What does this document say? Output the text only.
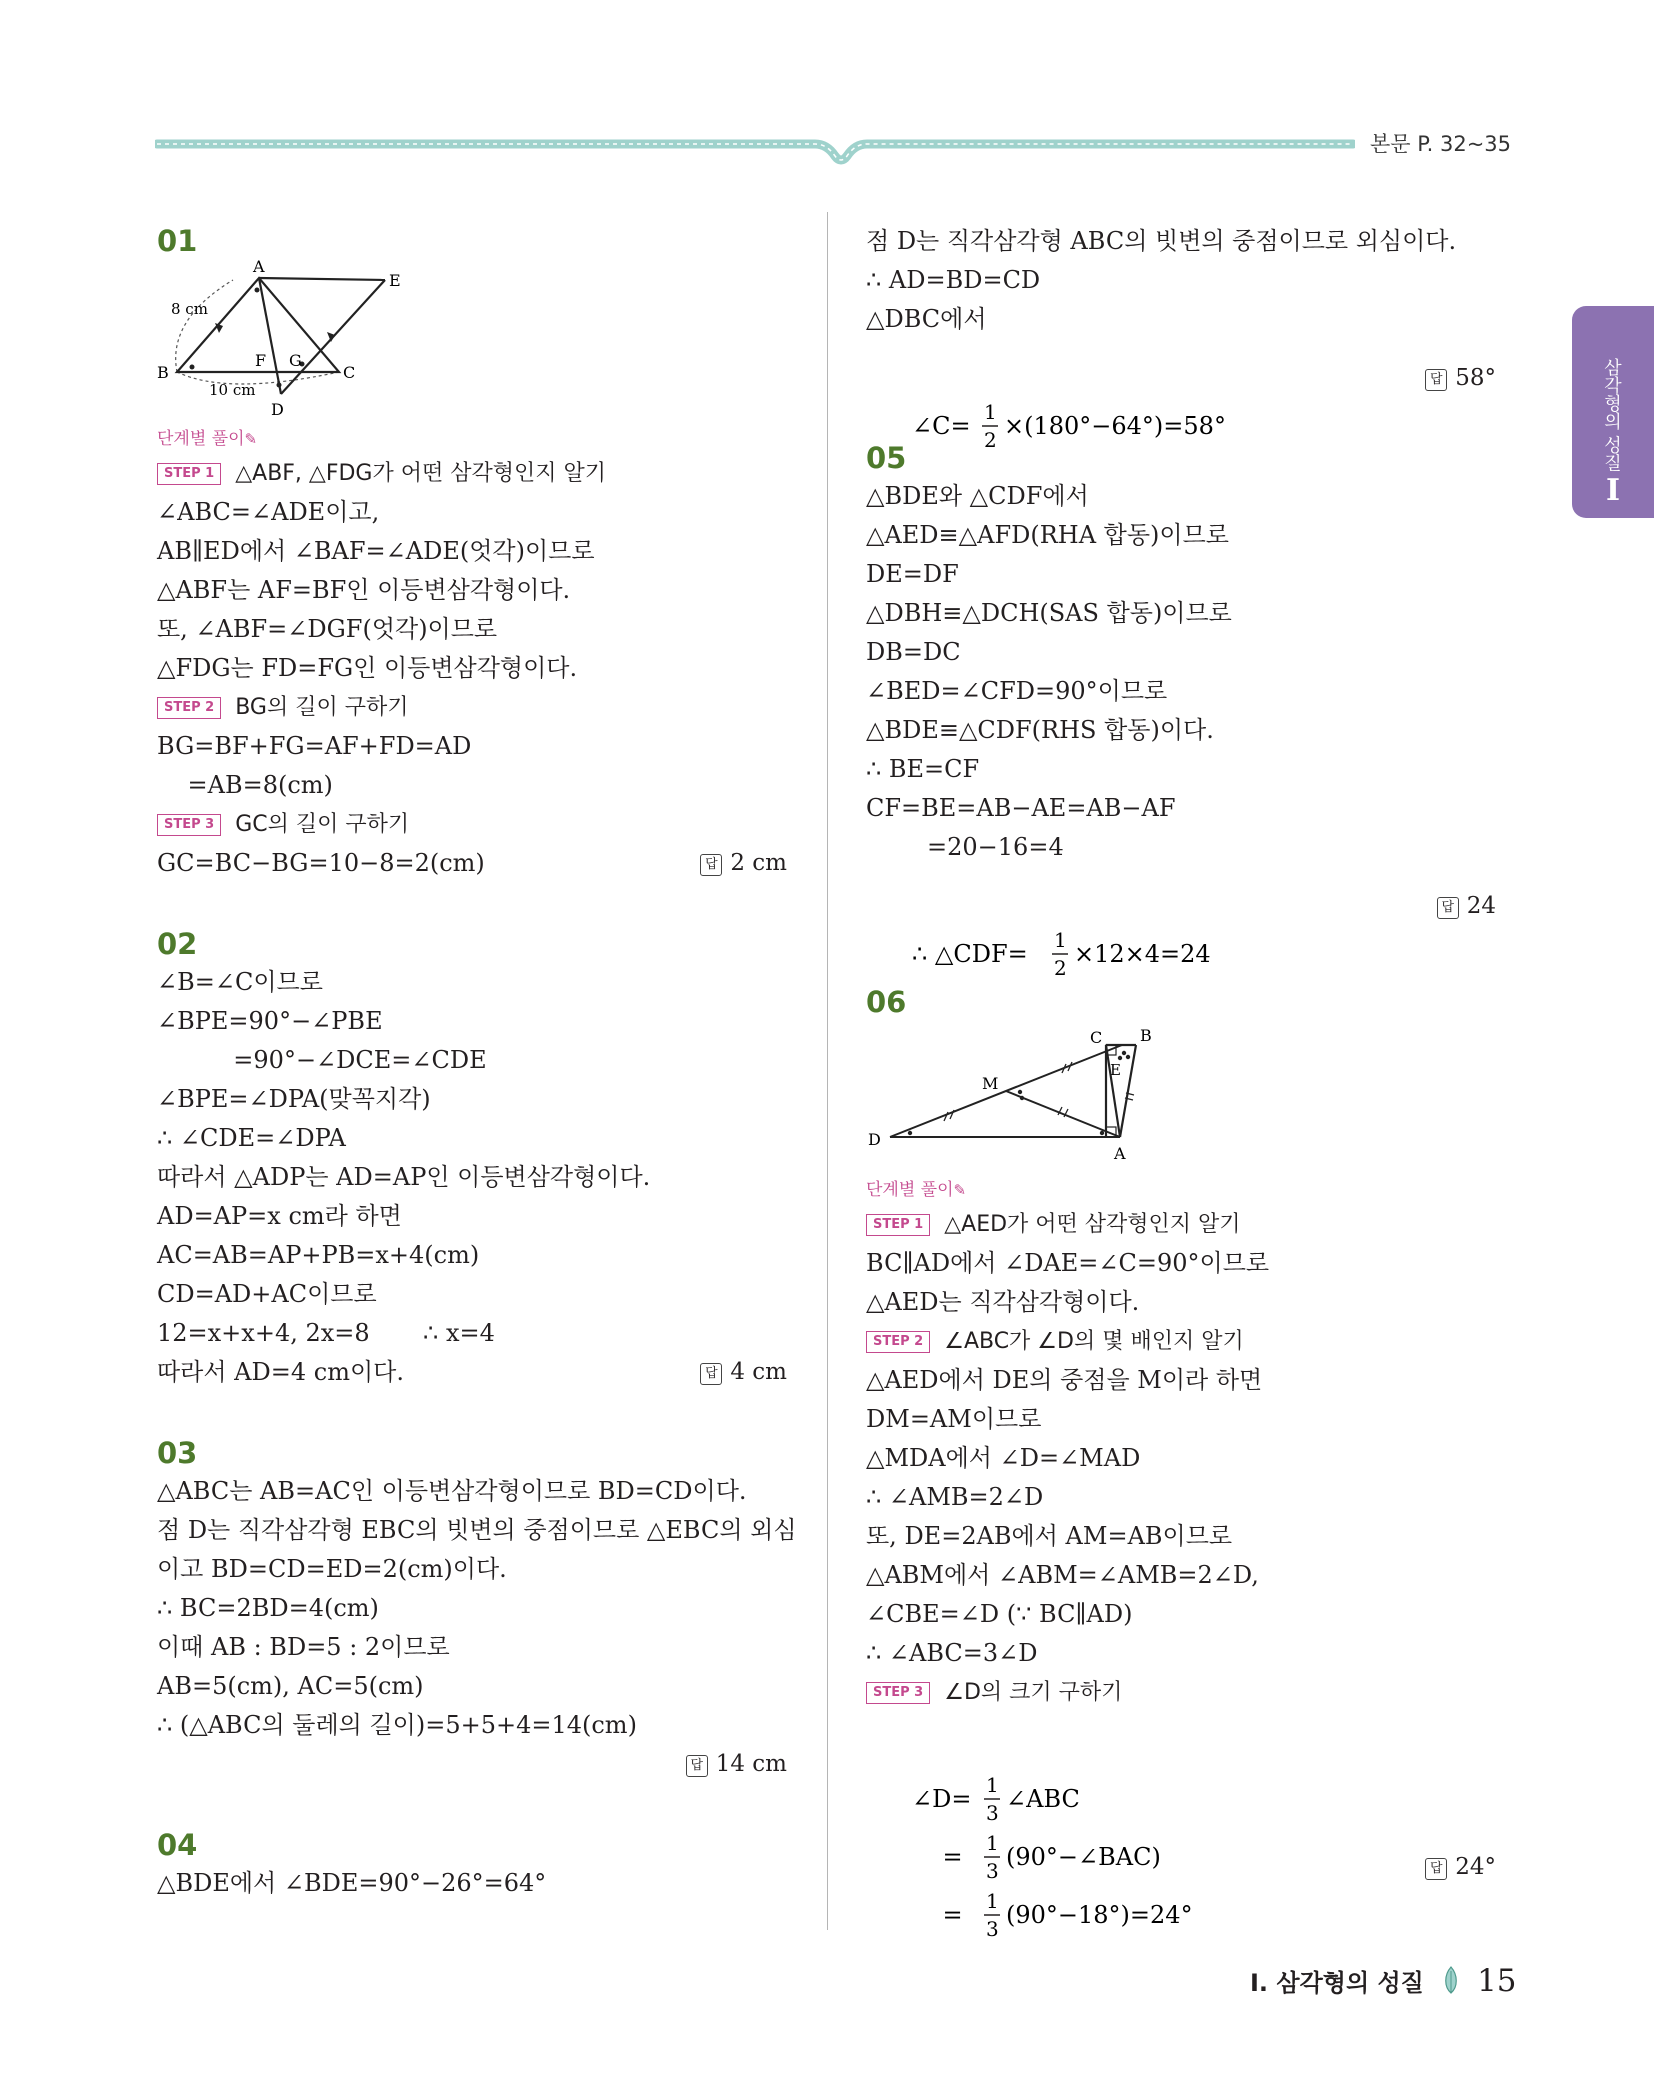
본문 P. 32~35
삼각형의 성질
I
01
A
E
B	C
D
F G
8 cm
10 cm
단계별 풀이✎
STEP 1 △ABF, △FDG가 어떤 삼각형인지 알기
∠ABC=∠ADE이고,
AB∥ED에서 ∠BAF=∠ADE(엇각)이므로
△ABF는 AF=BF인 이등변삼각형이다.
또, ∠ABF=∠DGF(엇각)이므로
△FDG는 FD=FG인 이등변삼각형이다.
STEP 2 BG의 길이 구하기
BG=BF+FG=AF+FD=AD
=AB=8(cm)
STEP 3 GC의 길이 구하기
GC=BC−BG=10−8=2(cm)	답 2 cm
02
∠B=∠C이므로
∠BPE=90°−∠PBE
=90°−∠DCE=∠CDE
∠BPE=∠DPA(맞꼭지각)
∴ ∠CDE=∠DPA
따라서 △ADP는 AD=AP인 이등변삼각형이다.
AD=AP=x cm라 하면
AC=AB=AP+PB=x+4(cm)
CD=AD+AC이므로
12=x+x+4, 2x=8       ∴ x=4
따라서 AD=4 cm이다.	답 4 cm
03
△ABC는 AB=AC인 이등변삼각형이므로 BD=CD이다.
점 D는 직각삼각형 EBC의 빗변의 중점이므로 △EBC의 외심
이고 BD=CD=ED=2(cm)이다.
∴ BC=2BD=4(cm)
이때 AB : BD=5 : 2이므로
AB=5(cm), AC=5(cm)
∴ (△ABC의 둘레의 길이)=5+5+4=14(cm)
답 14 cm
04
△BDE에서 ∠BDE=90°−26°=64°
점 D는 직각삼각형 ABC의 빗변의 중점이므로 외심이다.
∴ AD=BD=CD
△DBC에서

∠C= 1
2 ×(180°−64°)=58°

답 58°

05
△BDE와 △CDF에서
△AED≡△AFD(RHA 합동)이므로
DE=DF
△DBH≡△DCH(SAS 합동)이므로
DB=DC
∠BED=∠CFD=90°이므로
△BDE≡△CDF(RHS 합동)이다.
∴ BE=CF
CF=BE=AB−AE=AB−AF
=20−16=4

∴ △CDF= 1
2 ×12×4=24

답 24

06
C B
E
M
D
A
단계별 풀이✎
STEP 1 △AED가 어떤 삼각형인지 알기
BC∥AD에서 ∠DAE=∠C=90°이므로
△AED는 직각삼각형이다.
STEP 2 ∠ABC가 ∠D의 몇 배인지 알기
△AED에서 DE의 중점을 M이라 하면
DM=AM이므로
△MDA에서 ∠D=∠MAD
∴ ∠AMB=2∠D
또, DE=2AB에서 AM=AB이므로
△ABM에서 ∠ABM=∠AMB=2∠D,
∠CBE=∠D (∵ BC∥AD)
∴ ∠ABC=3∠D
STEP 3 ∠D의 크기 구하기

∠D= 1
3 ∠ABC

= 1
3 (90°−∠BAC)

= 1
3 (90°−18°)=24°

답 24°

I. 삼각형의 성질 15
